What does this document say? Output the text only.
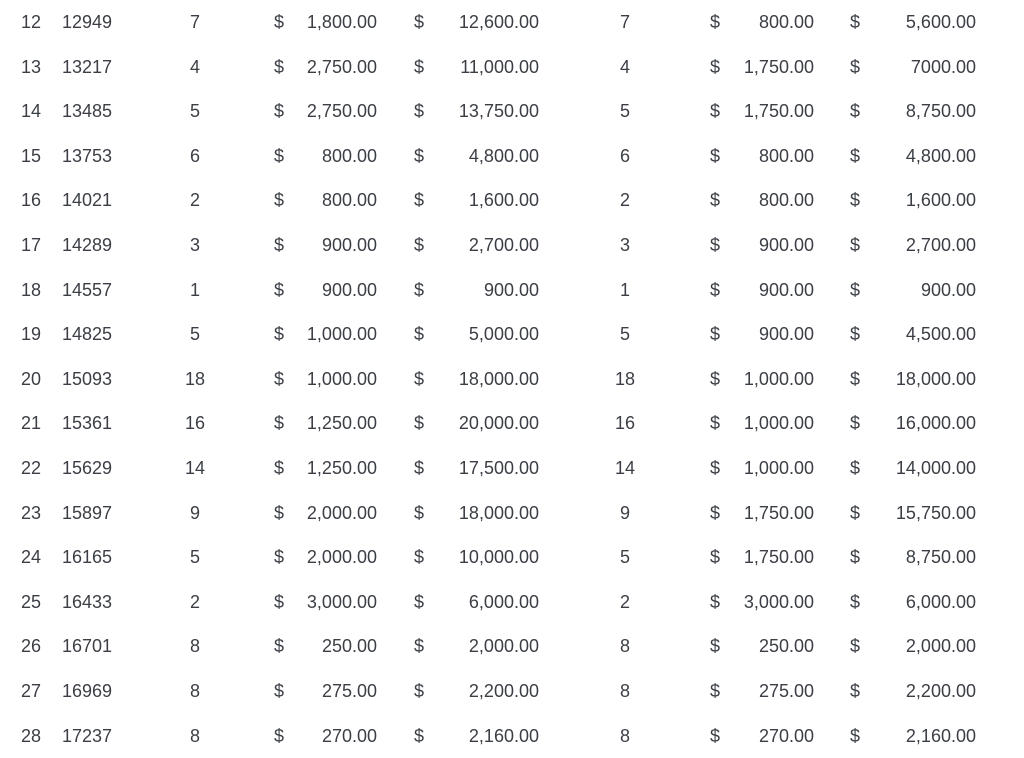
12	12949	7	$	1,800.00 $	12,600.00	7	$	800.00 $	5,600.00
13	13217	4	$	2,750.00 $	11,000.00	4	$	1,750.00 $	7000.00
14	13485	5	$	2,750.00 $	13,750.00	5	$	1,750.00 $	8,750.00
15	13753	6	$	800.00 $	4,800.00	6	$	800.00 $	4,800.00
16	14021	2	$	800.00 $	1,600.00	2	$	800.00 $	1,600.00
17	14289	3	$	900.00 $	2,700.00	3	$	900.00 $	2,700.00
18	14557	1	$	900.00 $	900.00	1	$	900.00 $	900.00
19	14825	5	$	1,000.00 $	5,000.00	5	$	900.00 $	4,500.00
20	15093	18	$	1,000.00 $	18,000.00	18	$	1,000.00 $	18,000.00
21	15361	16	$	1,250.00 $	20,000.00	16	$	1,000.00 $	16,000.00
22	15629	14	$	1,250.00 $	17,500.00	14	$	1,000.00 $	14,000.00
23	15897	9	$	2,000.00 $	18,000.00	9	$	1,750.00 $	15,750.00
24	16165	5	$	2,000.00 $	10,000.00	5	$	1,750.00 $	8,750.00
25	16433	2	$	3,000.00 $	6,000.00	2	$	3,000.00 $	6,000.00
26	16701	8	$	250.00 $	2,000.00	8	$	250.00 $	2,000.00
27	16969	8	$	275.00 $	2,200.00	8	$	275.00 $	2,200.00
28	17237	8	$	270.00 $	2,160.00	8	$	270.00 $	2,160.00
